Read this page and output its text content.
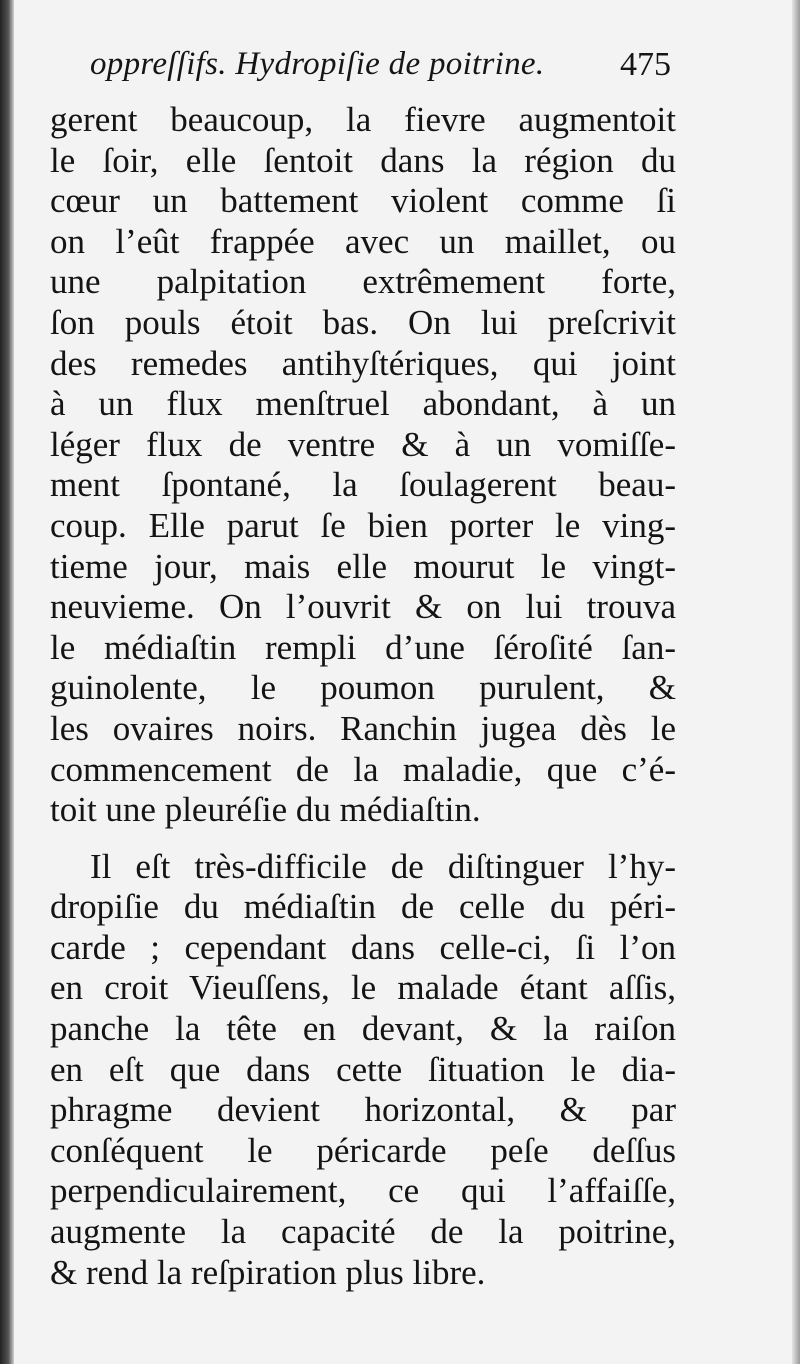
oppreſſifs. Hydropiſie de poitrine. 475
gerent beaucoup, la fievre augmentoit
le ſoir, elle ſentoit dans la région du
cœur un battement violent comme ſi
on l’eût frappée avec un maillet, ou
une palpitation extrêmement forte,
ſon pouls étoit bas. On lui preſcrivit
des remedes antihyſtériques, qui joint
à un flux menſtruel abondant, à un
léger flux de ventre & à un vomiſſe-
ment ſpontané, la ſoulagerent beau-
coup. Elle parut ſe bien porter le ving-
tieme jour, mais elle mourut le vingt-
neuvieme. On l’ouvrit & on lui trouva
le médiaſtin rempli d’une ſéroſité ſan-
guinolente, le poumon purulent, &
les ovaires noirs. Ranchin jugea dès le
commencement de la maladie, que c’é-
toit une pleuréſie du médiaſtin.
Il eſt très-difficile de diſtinguer l’hy-
dropiſie du médiaſtin de celle du péri-
carde ; cependant dans celle-ci, ſi l’on
en croit Vieuſſens, le malade étant aſſis,
panche la tête en devant, & la raiſon
en eſt que dans cette ſituation le dia-
phragme devient horizontal, & par
conſéquent le péricarde peſe deſſus
perpendiculairement, ce qui l’affaiſſe,
augmente la capacité de la poitrine,
& rend la reſpiration plus libre.
